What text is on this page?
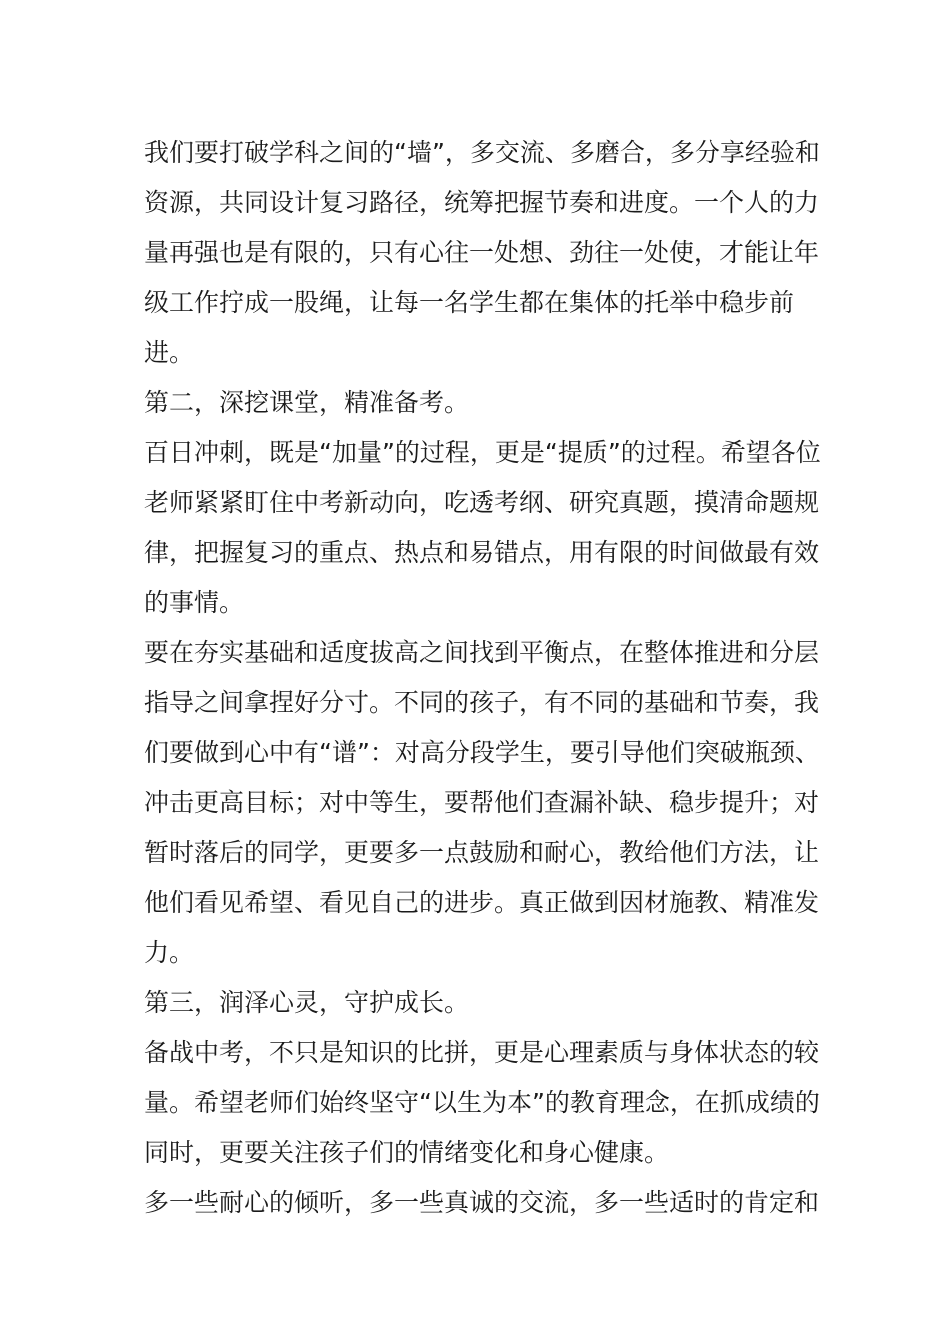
我们要打破学科之间的“墙”，多交流、多磨合，多分享经验和资源，共同设计复习路径，统筹把握节奏和进度。一个人的力量再强也是有限的，只有心往一处想、劲往一处使，才能让年级工作拧成一股绳，让每一名学生都在集体的托举中稳步前进。

第二，深挖课堂，精准备考。

百日冲刺，既是“加量”的过程，更是“提质”的过程。希望各位老师紧紧盯住中考新动向，吃透考纲、研究真题，摸清命题规律，把握复习的重点、热点和易错点，用有限的时间做最有效的事情。

要在夯实基础和适度拔高之间找到平衡点，在整体推进和分层指导之间拿捏好分寸。不同的孩子，有不同的基础和节奏，我们要做到心中有“谱”：对高分段学生，要引导他们突破瓶颈、冲击更高目标；对中等生，要帮他们查漏补缺、稳步提升；对暂时落后的同学，更要多一点鼓励和耐心，教给他们方法，让他们看见希望、看见自己的进步。真正做到因材施教、精准发力。

第三，润泽心灵，守护成长。

备战中考，不只是知识的比拼，更是心理素质与身体状态的较量。希望老师们始终坚守“以生为本”的教育理念，在抓成绩的同时，更要关注孩子们的情绪变化和身心健康。

多一些耐心的倾听，多一些真诚的交流，多一些适时的肯定和
